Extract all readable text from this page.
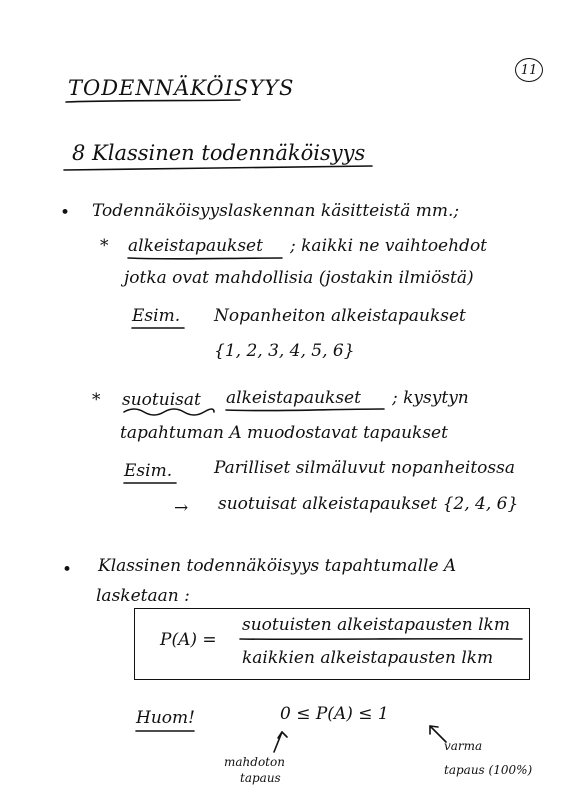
11
TODENNÄKÖISYYS
8 Klassinen todennäköisyys
• Todennäköisyyslaskennan käsitteistä mm.;
* alkeistapaukset ; kaikki ne vaihtoehdot
jotka ovat mahdollisia (jostakin ilmiöstä)
Esim. Nopanheiton alkeistapaukset
{1, 2, 3, 4, 5, 6}
* suotuisat alkeistapaukset ; kysytyn
tapahtuman A muodostavat tapaukset
Esim. Parilliset silmäluvut nopanheitossa
→ suotuisat alkeistapaukset {2, 4, 6}
• Klassinen todennäköisyys tapahtumalle A
lasketaan :
P(A) =
suotuisten alkeistapausten lkm
kaikkien alkeistapausten lkm
Huom!	0 ≤ P(A) ≤ 1
mahdoton
tapaus
varma
tapaus (100%)
